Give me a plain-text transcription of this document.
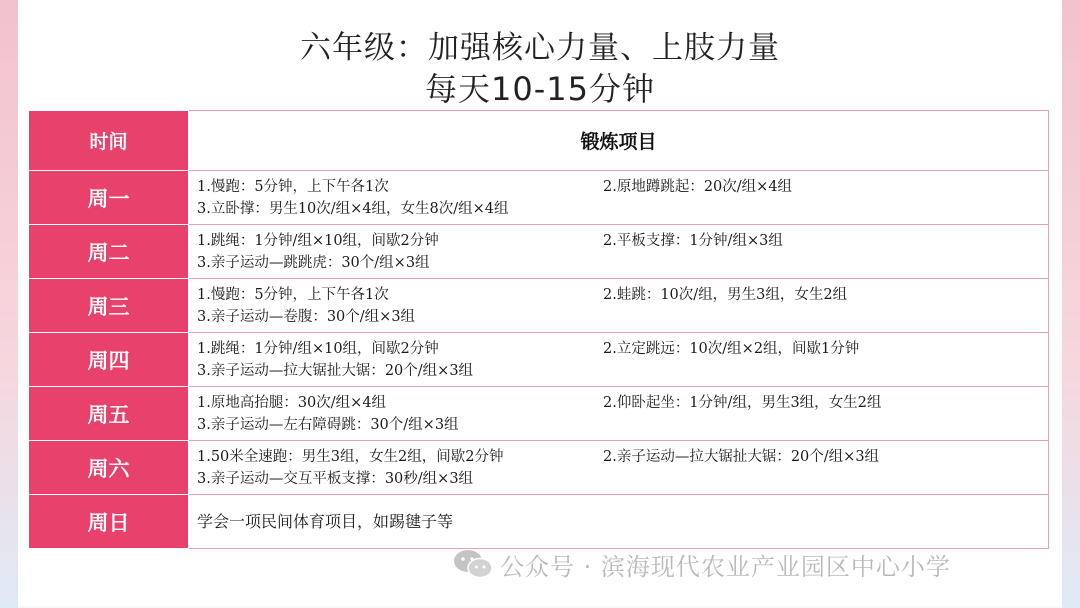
六年级：加强核心力量、上肢力量
每天10-15分钟
时间	锻炼项目
周一	1.慢跑：5分钟，上下午各1次 2.原地蹲跳起：20次/组×4组
3.立卧撑：男生10次/组×4组，女生8次/组×4组

周二	1.跳绳：1分钟/组×10组，间歇2分钟 2.平板支撑：1分钟/组×3组
3.亲子运动—跳跳虎：30个/组×3组

周三	1.慢跑：5分钟，上下午各1次 2.蛙跳：10次/组，男生3组，女生2组
3.亲子运动—卷腹：30个/组×3组

周四	1.跳绳：1分钟/组×10组，间歇2分钟 2.立定跳远：10次/组×2组，间歇1分钟
3.亲子运动—拉大锯扯大锯：20个/组×3组

周五	1.原地高抬腿：30次/组×4组 2.仰卧起坐：1分钟/组，男生3组，女生2组
3.亲子运动—左右障碍跳：30个/组×3组

周六	1.50米全速跑：男生3组，女生2组，间歇2分钟 2.亲子运动—拉大锯扯大锯：20个/组×3组
3.亲子运动—交互平板支撑：30秒/组×3组

周日	学会一项民间体育项目，如踢毽子等
公众号 · 滨海现代农业产业园区中心小学
